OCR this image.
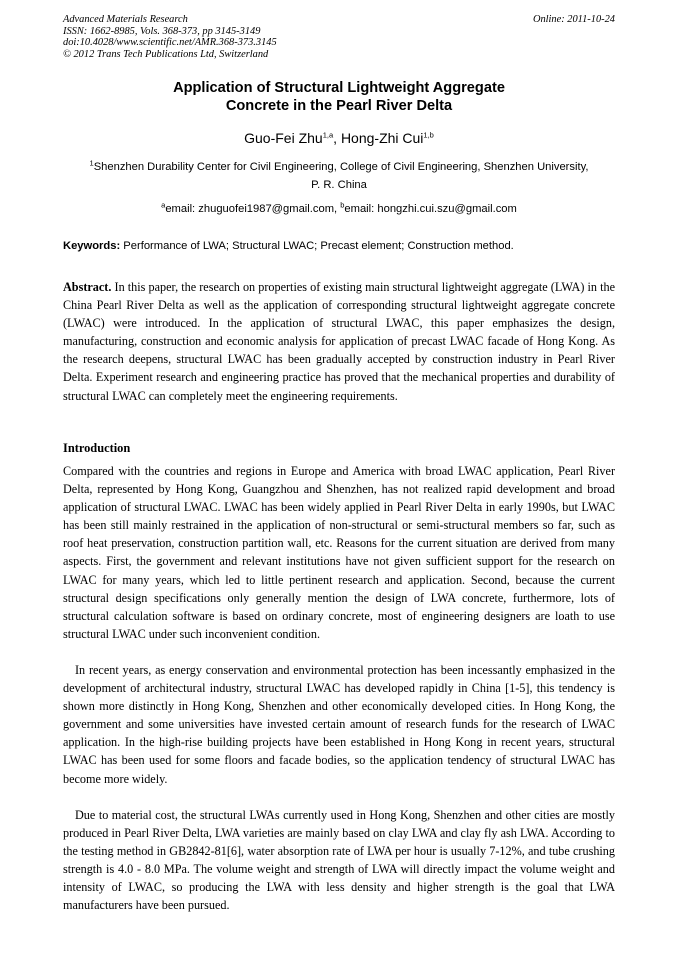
Advanced Materials Research
ISSN: 1662-8985, Vols. 368-373, pp 3145-3149
doi:10.4028/www.scientific.net/AMR.368-373.3145
© 2012 Trans Tech Publications Ltd, Switzerland
Online: 2011-10-24
Application of Structural Lightweight Aggregate
Concrete in the Pearl River Delta
Guo-Fei Zhu$^{1,a}$, Hong-Zhi Cui$^{1,b}$
$^1$Shenzhen Durability Center for Civil Engineering, College of Civil Engineering, Shenzhen University, P. R. China
$^a$email: zhuguofei1987@gmail.com, $^b$email: hongzhi.cui.szu@gmail.com
Keywords: Performance of LWA; Structural LWAC; Precast element; Construction method.

Abstract. In this paper, the research on properties of existing main structural lightweight aggregate (LWA) in the China Pearl River Delta as well as the application of corresponding structural lightweight aggregate concrete (LWAC) were introduced. In the application of structural LWAC, this paper emphasizes the design, manufacturing, construction and economic analysis for application of precast LWAC facade of Hong Kong. As the research deepens, structural LWAC has been gradually accepted by construction industry in Pearl River Delta. Experiment research and engineering practice has proved that the mechanical properties and durability of structural LWAC can completely meet the engineering requirements.

Introduction

Compared with the countries and regions in Europe and America with broad LWAC application, Pearl River Delta, represented by Hong Kong, Guangzhou and Shenzhen, has not realized rapid development and broad application of structural LWAC. LWAC has been widely applied in Pearl River Delta in early 1990s, but LWAC has been still mainly restrained in the application of non-structural or semi-structural members so far, such as roof heat preservation, construction partition wall, etc. Reasons for the current situation are derived from many aspects. First, the government and relevant institutions have not given sufficient support for the research on LWAC for many years, which led to little pertinent research and application. Second, because the current structural design specifications only generally mention the design of LWA concrete, furthermore, lots of structural calculation software is based on ordinary concrete, most of engineering designers are loath to use structural LWAC under such inconvenient condition.

In recent years, as energy conservation and environmental protection has been incessantly emphasized in the development of architectural industry, structural LWAC has developed rapidly in China [1-5], this tendency is shown more distinctly in Hong Kong, Shenzhen and other economically developed cities. In Hong Kong, the government and some universities have invested certain amount of research funds for the research of LWAC application. In the high-rise building projects have been established in Hong Kong in recent years, structural LWAC has been used for some floors and facade bodies, so the application tendency of structural LWAC has become more widely.

Due to material cost, the structural LWAs currently used in Hong Kong, Shenzhen and other cities are mostly produced in Pearl River Delta, LWA varieties are mainly based on clay LWA and clay fly ash LWA. According to the testing method in GB2842-81[6], water absorption rate of LWA per hour is usually 7-12%, and tube crushing strength is 4.0 - 8.0 MPa. The volume weight and strength of LWA will directly impact the volume weight and intensity of LWAC, so producing the LWA with less density and higher strength is the goal that LWA manufacturers have been pursued.
